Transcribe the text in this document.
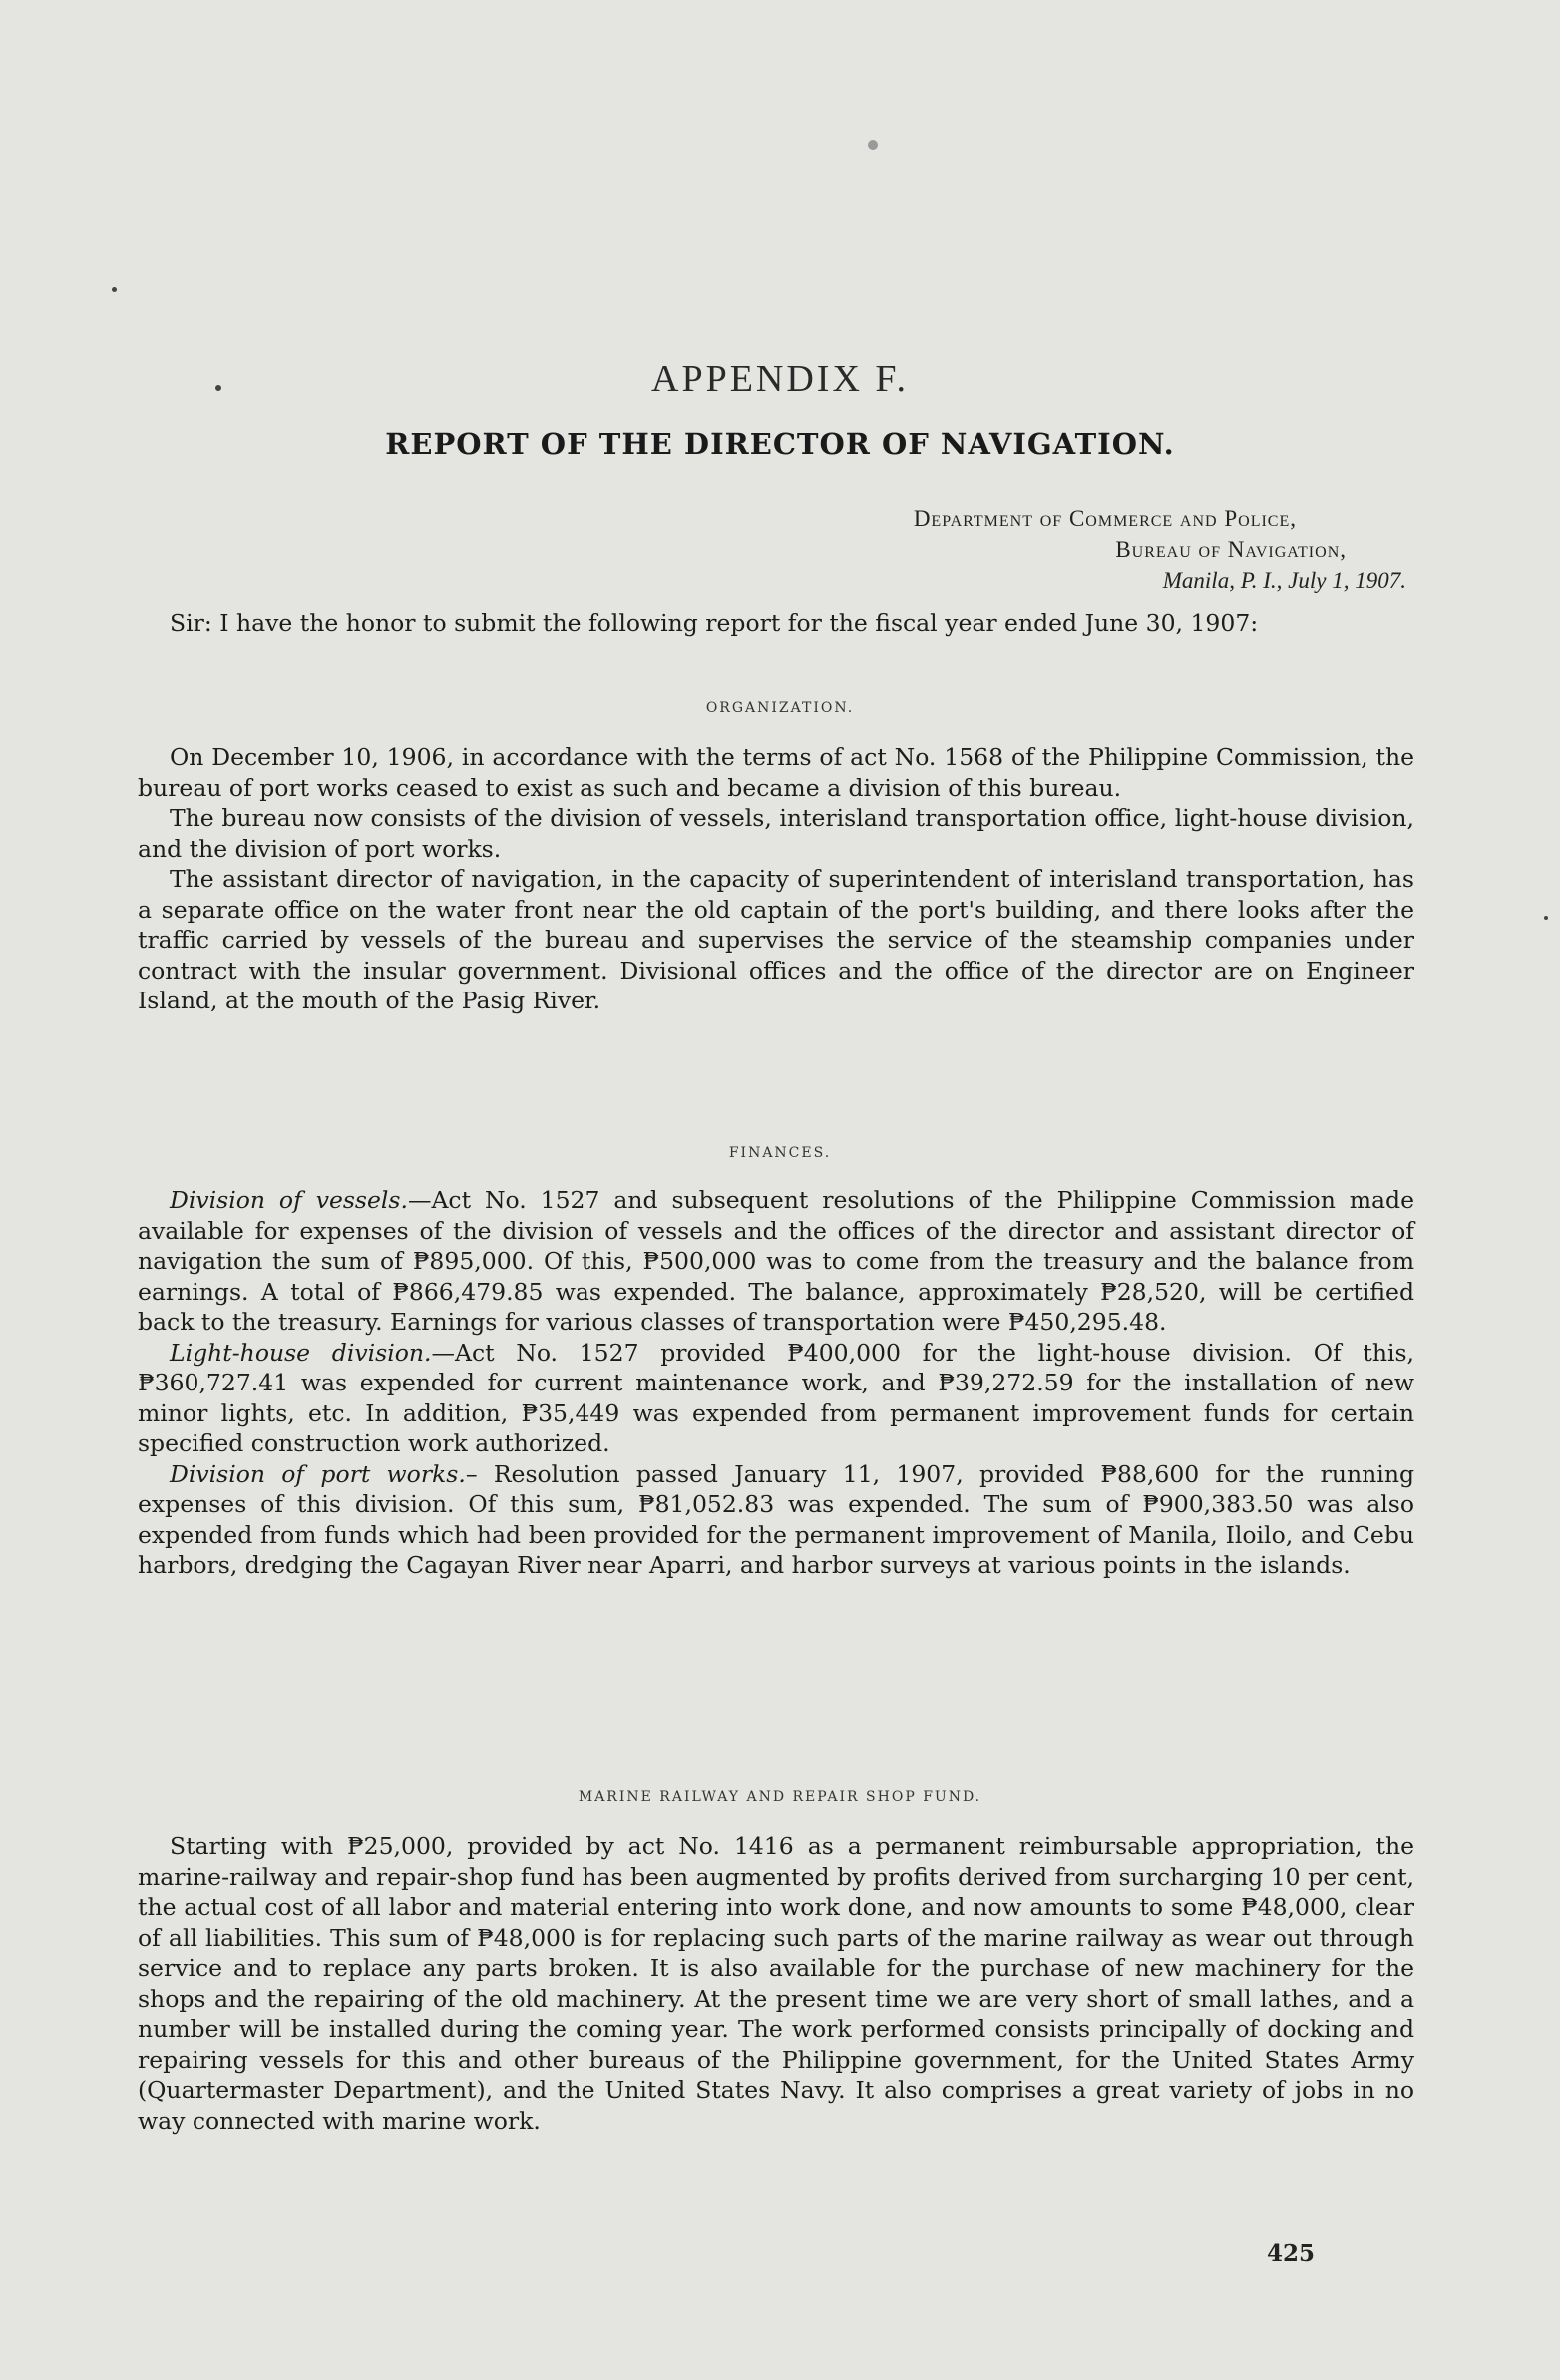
APPENDIX F.
REPORT OF THE DIRECTOR OF NAVIGATION.
Department of Commerce and Police,
Bureau of Navigation,
Manila, P. I., July 1, 1907.

Sir: I have the honor to submit the following report for the fiscal year ended June 30, 1907:

ORGANIZATION.

On December 10, 1906, in accordance with the terms of act No. 1568 of the Philippine Commission, the bureau of port works ceased to exist as such and became a division of this bureau.

The bureau now consists of the division of vessels, interisland transportation office, light-house division, and the division of port works.

The assistant director of navigation, in the capacity of superintendent of interisland transportation, has a separate office on the water front near the old captain of the port's building, and there looks after the traffic carried by vessels of the bureau and supervises the service of the steamship companies under contract with the insular government. Divisional offices and the office of the director are on Engineer Island, at the mouth of the Pasig River.

FINANCES.

Division of vessels.—Act No. 1527 and subsequent resolutions of the Philippine Commission made available for expenses of the division of vessels and the offices of the director and assistant director of navigation the sum of ₱895,000. Of this, ₱500,000 was to come from the treasury and the balance from earnings. A total of ₱866,479.85 was expended. The balance, approximately ₱28,520, will be certified back to the treasury. Earnings for various classes of transportation were ₱450,295.48.

Light-house division.—Act No. 1527 provided ₱400,000 for the light-house division. Of this, ₱360,727.41 was expended for current maintenance work, and ₱39,272.59 for the installation of new minor lights, etc. In addition, ₱35,449 was expended from permanent improvement funds for certain specified construction work authorized.

Division of port works.– Resolution passed January 11, 1907, provided ₱88,600 for the running expenses of this division. Of this sum, ₱81,052.83 was expended. The sum of ₱900,383.50 was also expended from funds which had been provided for the permanent improvement of Manila, Iloilo, and Cebu harbors, dredging the Cagayan River near Aparri, and harbor surveys at various points in the islands.

MARINE RAILWAY AND REPAIR SHOP FUND.

Starting with ₱25,000, provided by act No. 1416 as a permanent reimbursable appropriation, the marine-railway and repair-shop fund has been augmented by profits derived from surcharging 10 per cent, the actual cost of all labor and material entering into work done, and now amounts to some ₱48,000, clear of all liabilities. This sum of ₱48,000 is for replacing such parts of the marine railway as wear out through service and to replace any parts broken. It is also available for the purchase of new machinery for the shops and the repairing of the old machinery. At the present time we are very short of small lathes, and a number will be installed during the coming year. The work performed consists principally of docking and repairing vessels for this and other bureaus of the Philippine government, for the United States Army (Quartermaster Department), and the United States Navy. It also comprises a great variety of jobs in no way connected with marine work.

425
